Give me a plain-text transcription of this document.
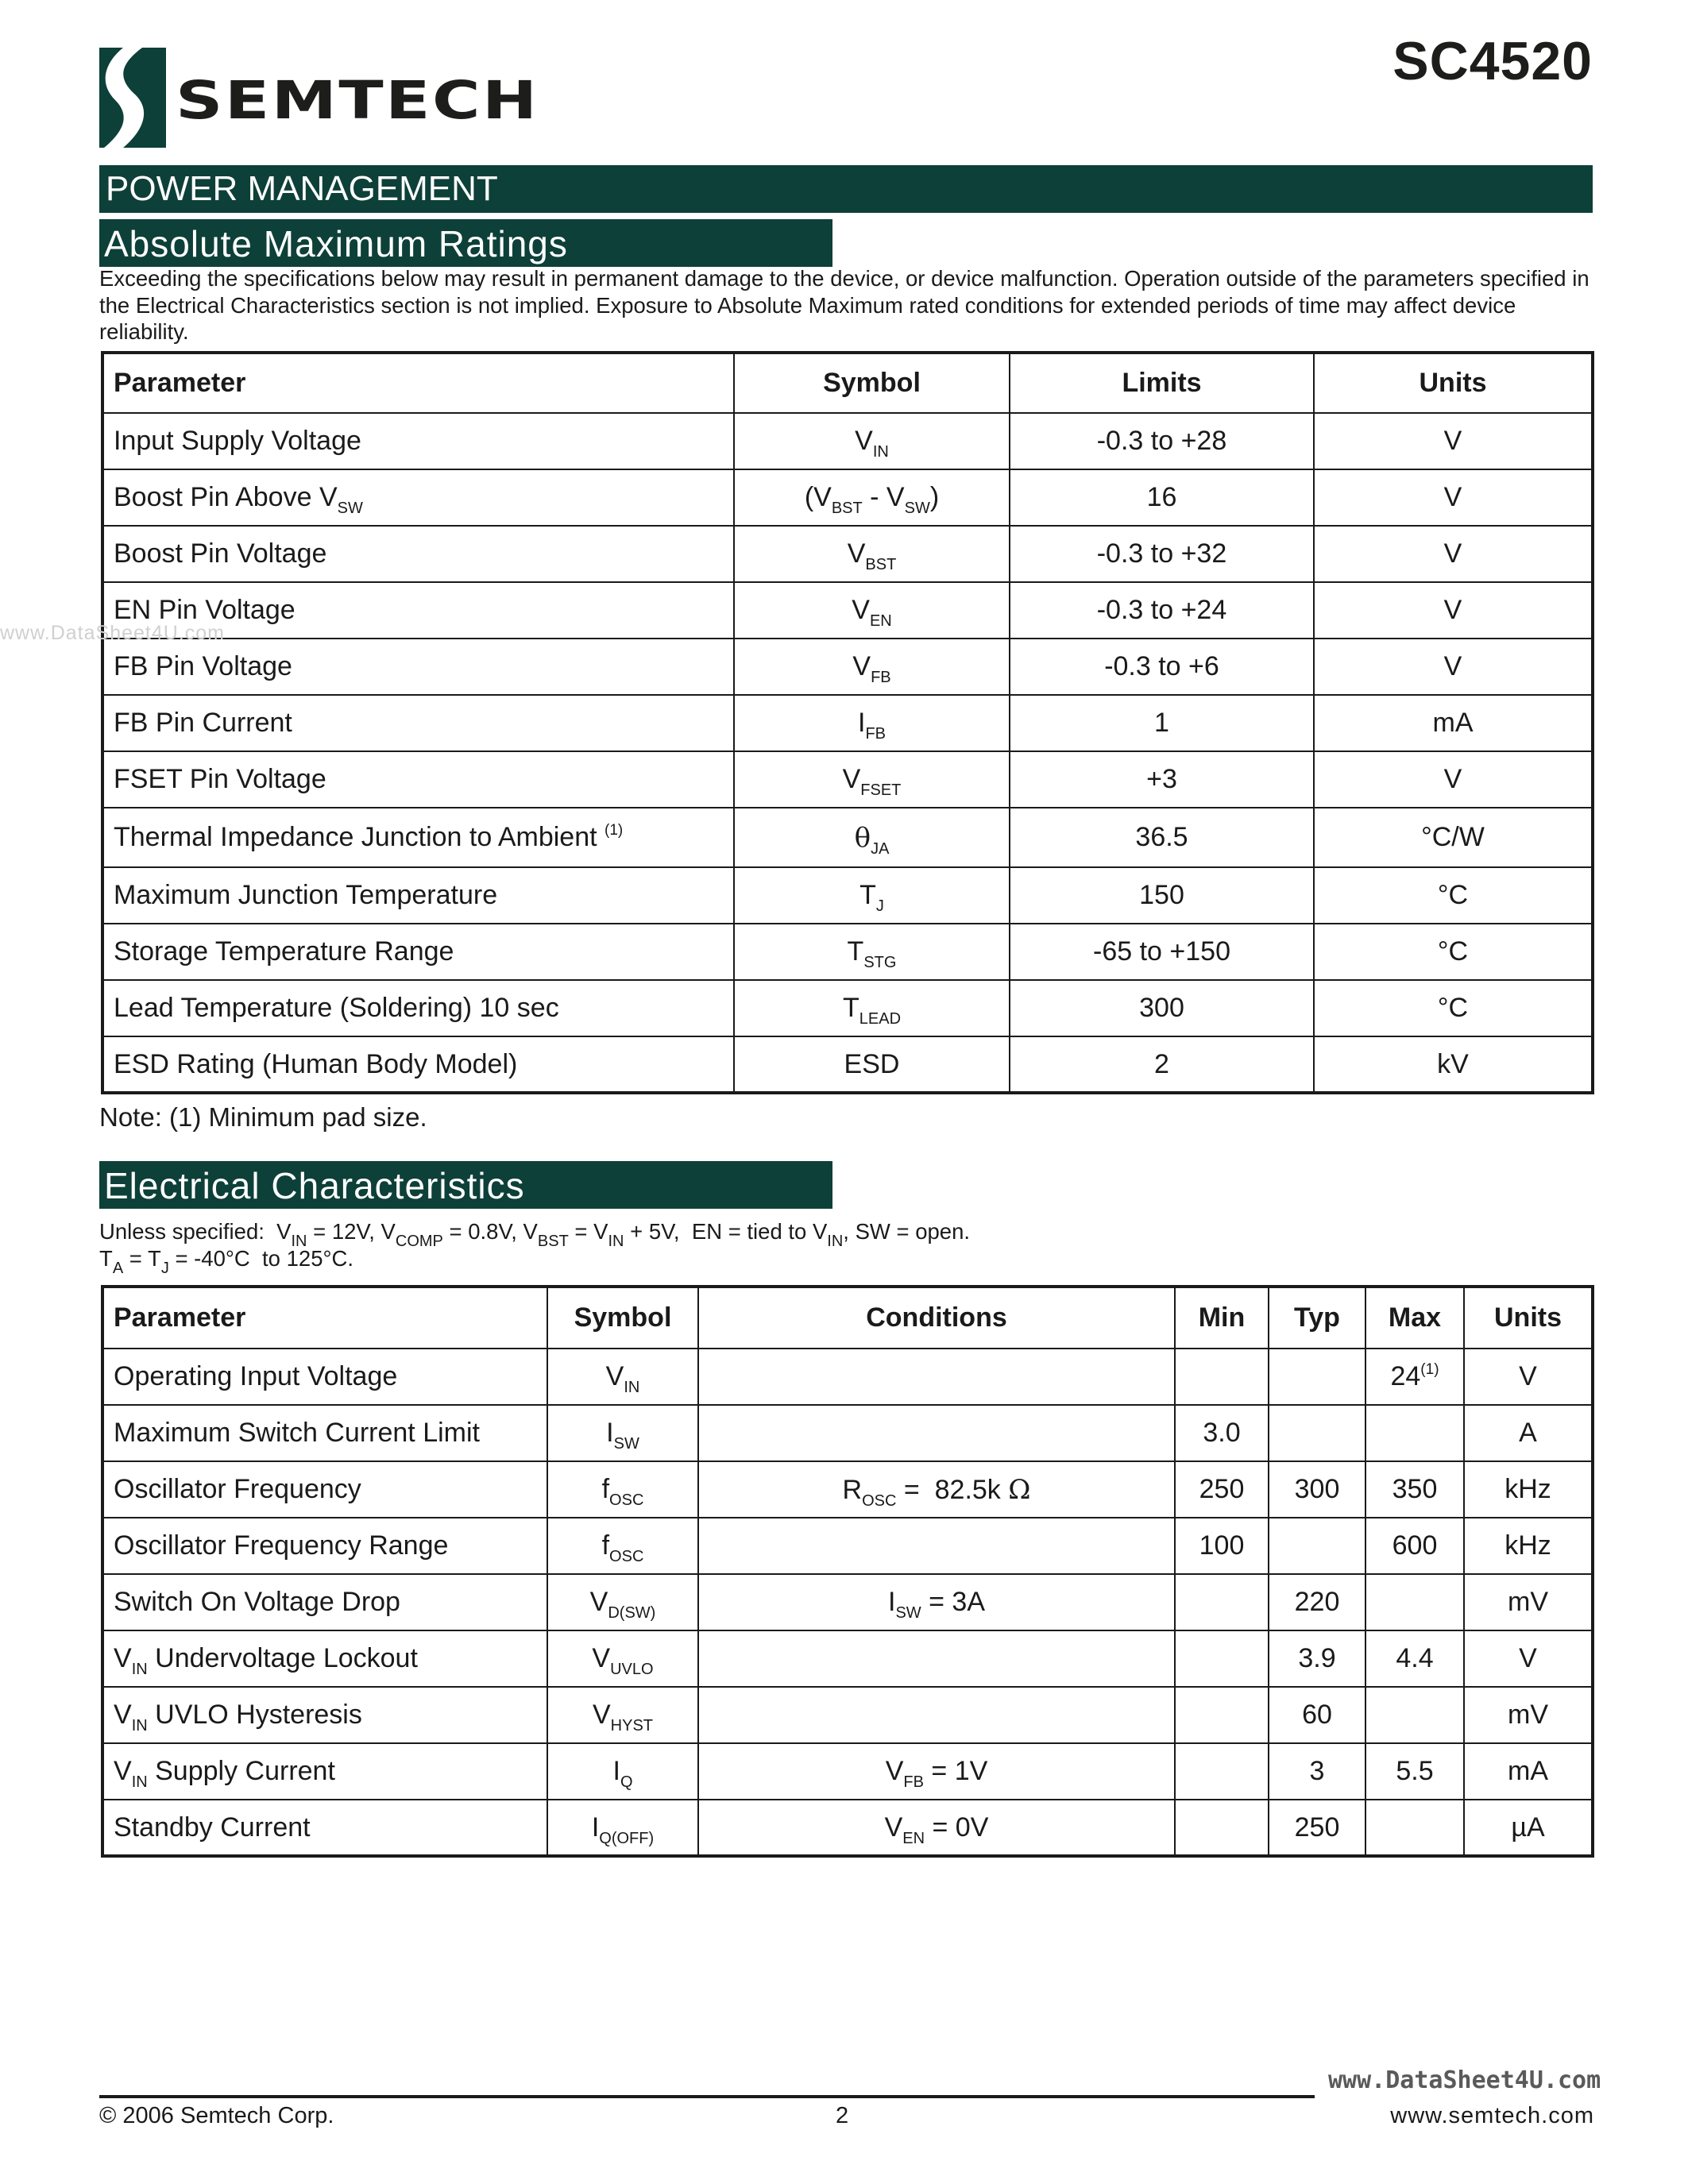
SEMTECH
SC4520
POWER MANAGEMENT
Absolute Maximum Ratings
Exceeding the specifications below may result in permanent damage to the device, or device malfunction. Operation outside of the parameters specified in the Electrical Characteristics section is not implied. Exposure to Absolute Maximum rated conditions for extended periods of time may affect device reliability.
Parameter	Symbol	Limits	Units
Input Supply Voltage	$V_{IN}$	-0.3 to +28	V
Boost Pin Above $V_{SW}$	$(V_{BST} - V_{SW})$	16	V
Boost Pin Voltage	$V_{BST}$	-0.3 to +32	V
EN Pin Voltage	$V_{EN}$	-0.3 to +24	V
FB Pin Voltage	$V_{FB}$	-0.3 to +6	V
FB Pin Current	$I_{FB}$	1	mA
FSET Pin Voltage	$V_{FSET}$	+3	V
Thermal Impedance Junction to Ambient $^{(1)}$	$\theta_{JA}$	36.5	°C/W
Maximum Junction Temperature	$T_J$	150	°C
Storage Temperature Range	$T_{STG}$	-65 to +150	°C
Lead Temperature (Soldering) 10 sec	$T_{LEAD}$	300	°C
ESD Rating (Human Body Model)	ESD	2	kV
Note: (1) Minimum pad size.
Electrical Characteristics
Unless specified:  $V_{IN} = 12V$, $V_{COMP} = 0.8V$, $V_{BST} = V_{IN} + 5V$,  EN = tied to $V_{IN}$, SW = open.
$T_A = T_J = -40^\circ C$  to 125°C.
Parameter	Symbol	Conditions	Min	Typ	Max	Units
Operating Input Voltage	$V_{IN}$				24$^{(1)}$	V
Maximum Switch Current Limit	$I_{SW}$		3.0			A
Oscillator Frequency	$f_{OSC}$	$R_{OSC} = 82.5k$ Ω	250	300	350	kHz
Oscillator Frequency Range	$f_{OSC}$		100		600	kHz
Switch On Voltage Drop	$V_{D(SW)}$	$I_{SW} = 3A$		220		mV
$V_{IN}$ Undervoltage Lockout	$V_{UVLO}$			3.9	4.4	V
$V_{IN}$ UVLO Hysteresis	$V_{HYST}$			60		mV
$V_{IN}$ Supply Current	$I_Q$	$V_{FB} = 1V$		3	5.5	mA
Standby Current	$I_{Q(OFF)}$	$V_{EN} = 0V$		250		µA
www.DataSheet4U.com
www.DataSheet4U.com
© 2006 Semtech Corp.	2	www.semtech.com
